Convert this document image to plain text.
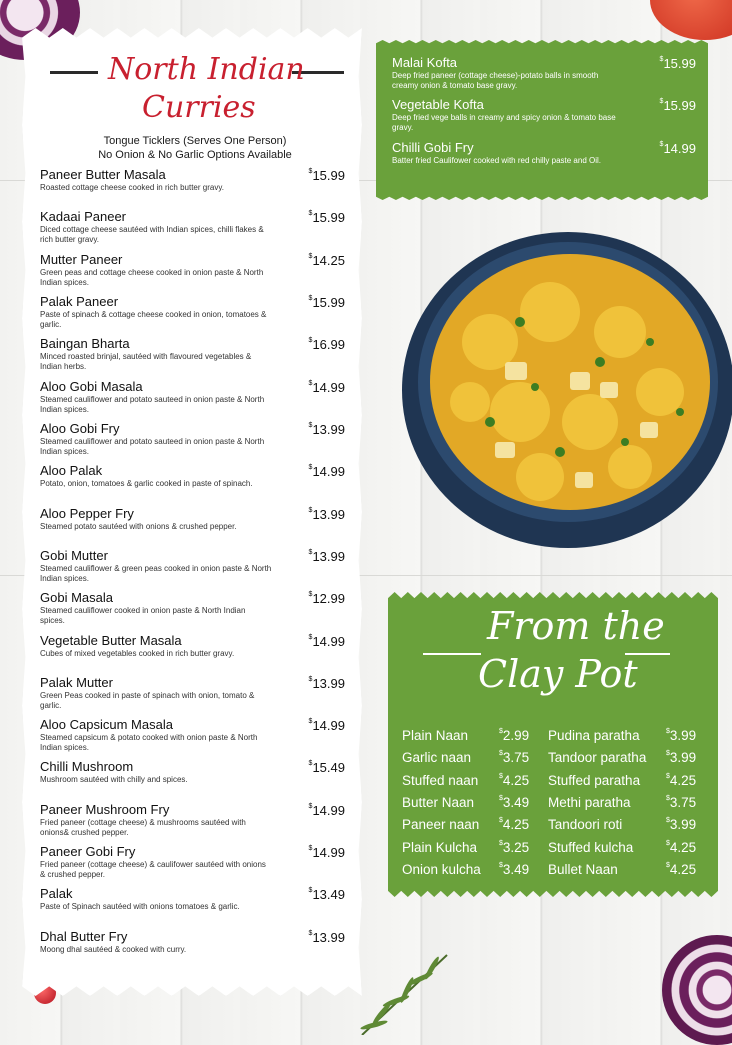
North Indian
Curries
Tongue Ticklers (Serves One Person)
No Onion & No Garlic Options Available
Paneer Butter Masala
Roasted cottage cheese cooked in rich butter gravy.
$15.99
Kadaai Paneer
Diced cottage cheese sautéed with Indian spices, chilli flakes & rich butter gravy.
$15.99
Mutter Paneer
Green peas and cottage cheese cooked in onion paste & North Indian spices.
$14.25
Palak Paneer
Paste of spinach & cottage cheese cooked in onion, tomatoes & garlic.
$15.99
Baingan Bharta
Minced roasted brinjal, sautéed with flavoured vegetables & Indian herbs.
$16.99
Aloo Gobi Masala
Steamed cauliflower and potato sauteed in onion paste & North Indian spices.
$14.99
Aloo Gobi Fry
Steamed cauliflower and potato sauteed in onion paste & North Indian spices.
$13.99
Aloo Palak
Potato, onion, tomatoes & garlic cooked in paste of spinach.
$14.99
Aloo Pepper Fry
Steamed potato sautéed with onions & crushed pepper.
$13.99
Gobi Mutter
Steamed cauliflower & green peas cooked in onion paste & North Indian spices.
$13.99
Gobi Masala
Steamed cauliflower cooked in onion paste & North Indian spices.
$12.99
Vegetable Butter Masala
Cubes of mixed vegetables cooked in rich butter gravy.
$14.99
Palak Mutter
Green Peas cooked in paste of spinach with onion, tomato & garlic.
$13.99
Aloo Capsicum Masala
Steamed capsicum & potato cooked with onion paste & North Indian spices.
$14.99
Chilli Mushroom
Mushroom sautéed with chilly and spices.
$15.49
Paneer Mushroom Fry
Fried paneer (cottage cheese) & mushrooms sautéed with onions& crushed pepper.
$14.99
Paneer Gobi Fry
Fried paneer (cottage cheese) & caulifower sautéed with onions & crushed pepper.
$14.99
Palak
Paste of Spinach sautéed with onions tomatoes & garlic.
$13.49
Dhal Butter Fry
Moong dhal sautéed & cooked with curry.
$13.99
Malai Kofta
Deep fried paneer (cottage cheese)-potato balls in smooth creamy onion & tomato base gravy.
$15.99
Vegetable Kofta
Deep fried vege balls in creamy and spicy onion & tomato base gravy.
$15.99
Chilli Gobi Fry
Batter fried Caulifower cooked with red chilly paste and Oil.
$14.99
From the
Clay Pot
Plain Naan	$2.99
Garlic naan	$3.75
Stuffed naan	$4.25
Butter Naan	$3.49
Paneer naan	$4.25
Plain Kulcha	$3.25
Onion kulcha	$3.49
Pudina paratha	$3.99
Tandoor paratha	$3.99
Stuffed paratha	$4.25
Methi paratha	$3.75
Tandoori roti	$3.99
Stuffed kulcha	$4.25
Bullet Naan	$4.25
